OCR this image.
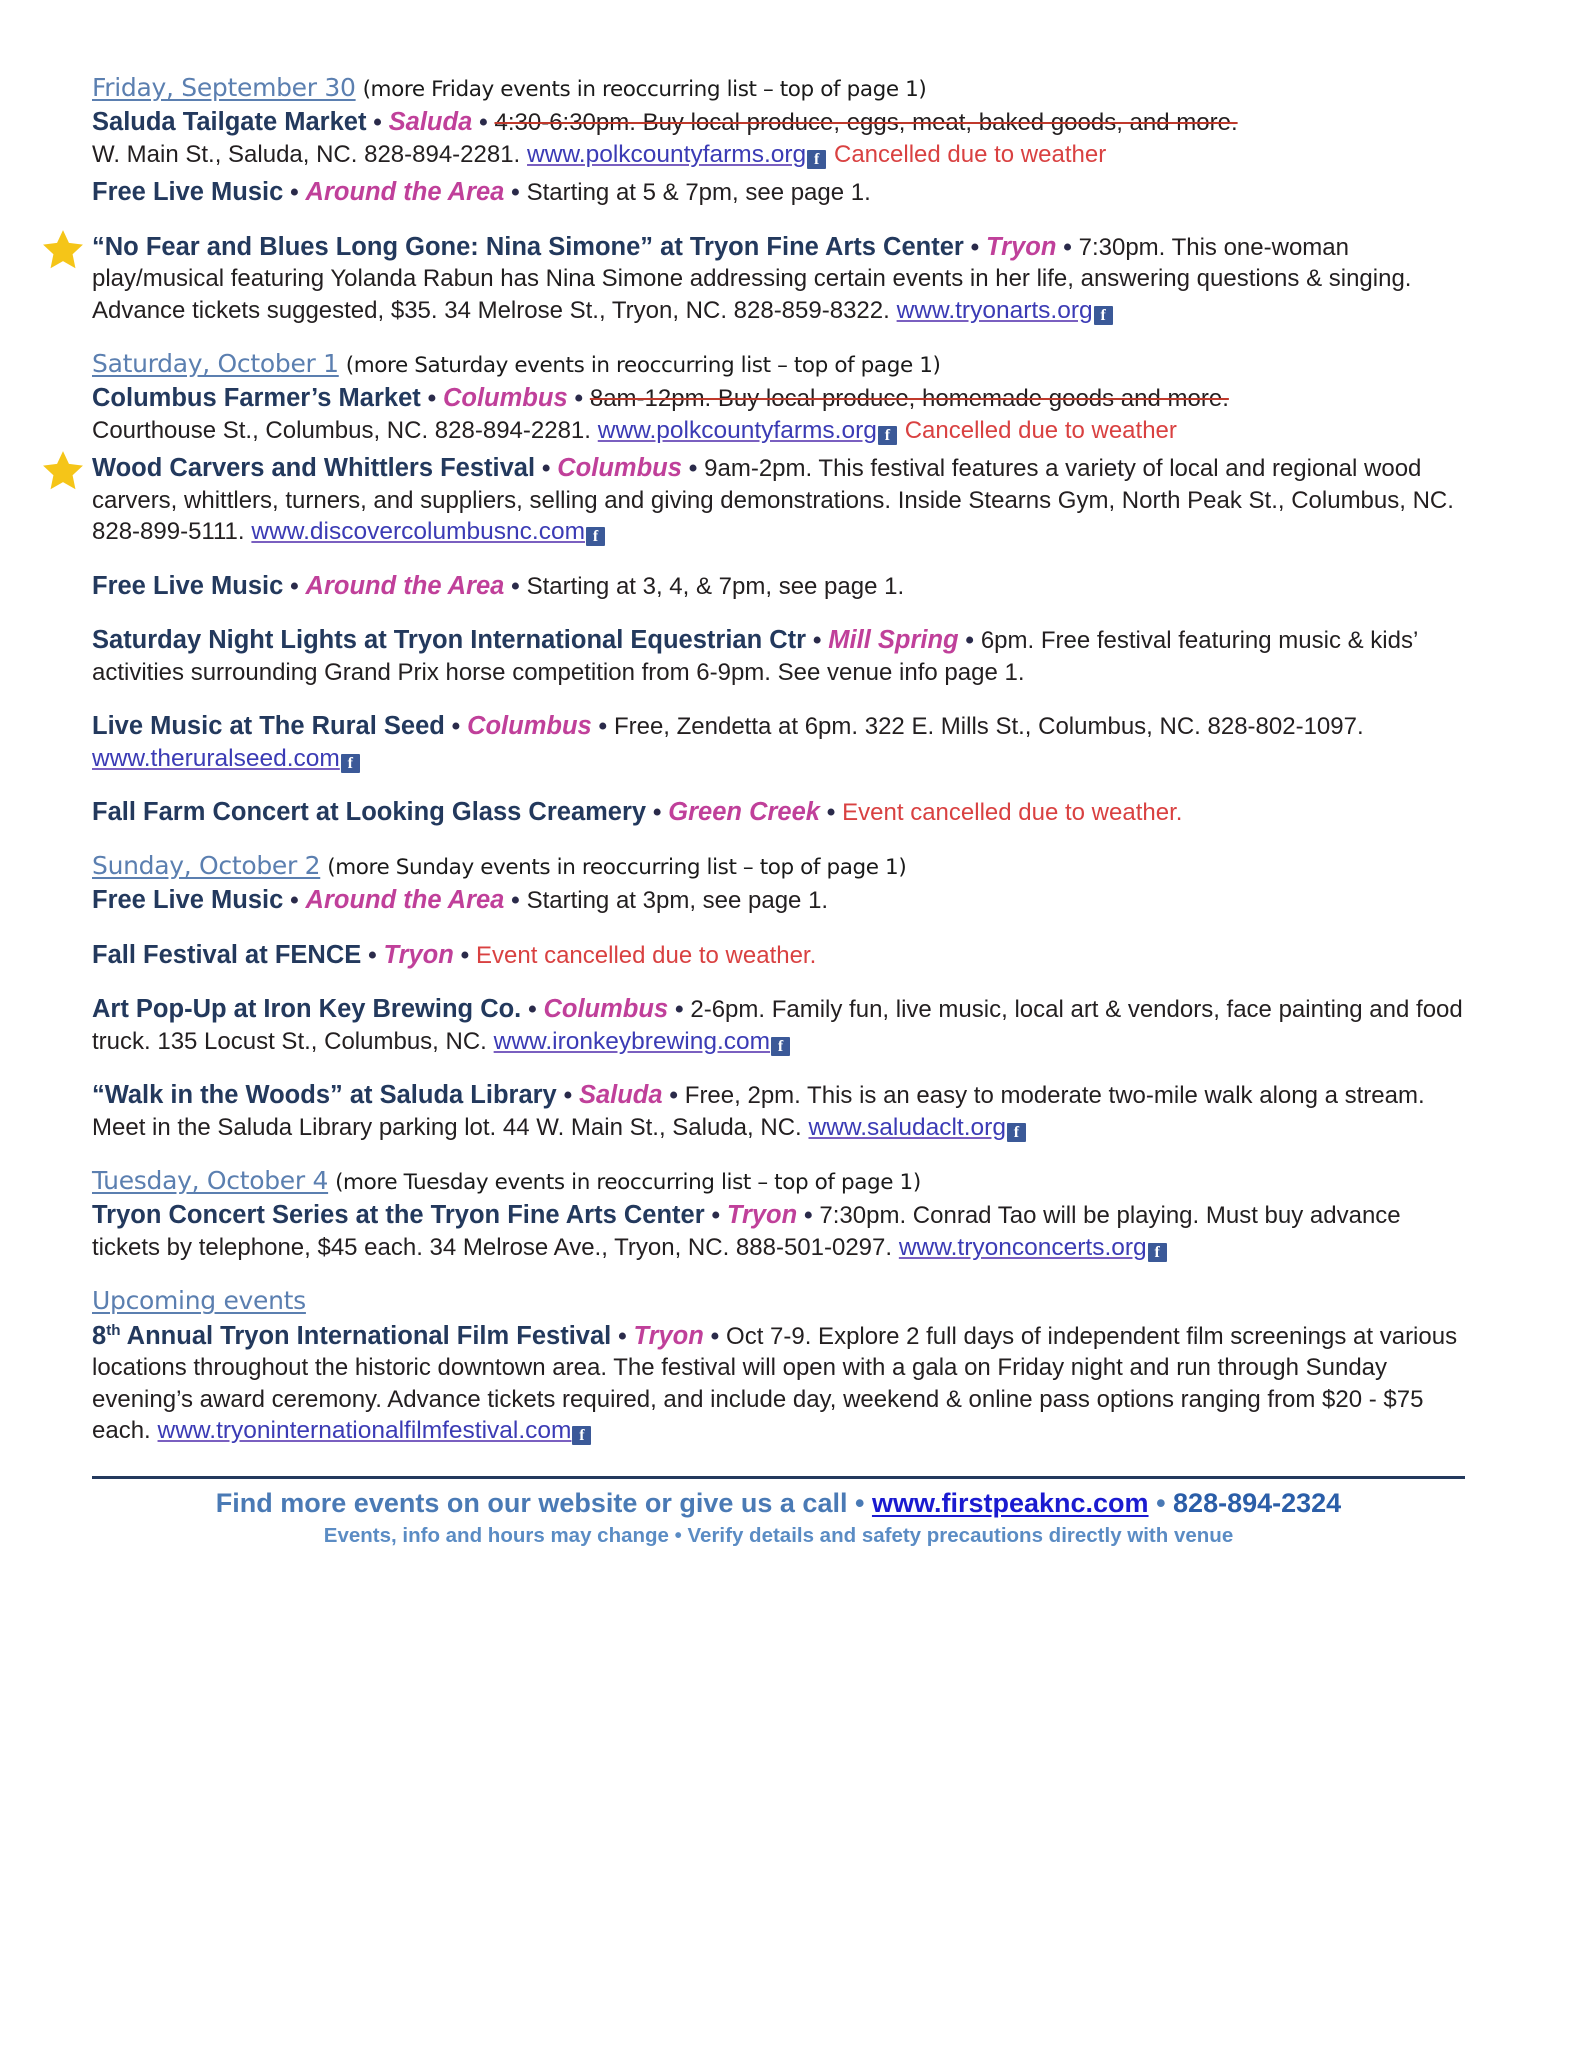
Friday, September 30 (more Friday events in reoccurring list – top of page 1)

Saluda Tailgate Market • Saluda • 4:30-6:30pm. Buy local produce, eggs, meat, baked goods, and more.
W. Main St., Saluda, NC. 828-894-2281. www.polkcountyfarms.org f Cancelled due to weather

Free Live Music • Around the Area • Starting at 5 & 7pm, see page 1.

“No Fear and Blues Long Gone: Nina Simone” at Tryon Fine Arts Center • Tryon • 7:30pm. This one-woman play/musical featuring Yolanda Rabun has Nina Simone addressing certain events in her life, answering questions & singing. Advance tickets suggested, $35. 34 Melrose St., Tryon, NC. 828-859-8322. www.tryonarts.org f

Saturday, October 1 (more Saturday events in reoccurring list – top of page 1)

Columbus Farmer’s Market • Columbus • 8am-12pm. Buy local produce, homemade goods and more.
Courthouse St., Columbus, NC. 828-894-2281. www.polkcountyfarms.org f Cancelled due to weather

Wood Carvers and Whittlers Festival • Columbus • 9am-2pm. This festival features a variety of local and regional wood carvers, whittlers, turners, and suppliers, selling and giving demonstrations. Inside Stearns Gym, North Peak St., Columbus, NC. 828-899-5111. www.discovercolumbusnc.com f

Free Live Music • Around the Area • Starting at 3, 4, & 7pm, see page 1.

Saturday Night Lights at Tryon International Equestrian Ctr • Mill Spring • 6pm. Free festival featuring music & kids’ activities surrounding Grand Prix horse competition from 6-9pm. See venue info page 1.

Live Music at The Rural Seed • Columbus • Free, Zendetta at 6pm. 322 E. Mills St., Columbus, NC. 828-802-1097. www.theruralseed.com f

Fall Farm Concert at Looking Glass Creamery • Green Creek • Event cancelled due to weather.

Sunday, October 2 (more Sunday events in reoccurring list – top of page 1)

Free Live Music • Around the Area • Starting at 3pm, see page 1.

Fall Festival at FENCE • Tryon • Event cancelled due to weather.

Art Pop-Up at Iron Key Brewing Co. • Columbus • 2-6pm. Family fun, live music, local art & vendors, face painting and food truck. 135 Locust St., Columbus, NC. www.ironkeybrewing.com f

“Walk in the Woods” at Saluda Library • Saluda • Free, 2pm. This is an easy to moderate two-mile walk along a stream. Meet in the Saluda Library parking lot. 44 W. Main St., Saluda, NC. www.saludaclt.org f

Tuesday, October 4 (more Tuesday events in reoccurring list – top of page 1)

Tryon Concert Series at the Tryon Fine Arts Center • Tryon • 7:30pm. Conrad Tao will be playing. Must buy advance tickets by telephone, $45 each. 34 Melrose Ave., Tryon, NC. 888-501-0297. www.tryonconcerts.org f

Upcoming events

8th Annual Tryon International Film Festival • Tryon • Oct 7-9. Explore 2 full days of independent film screenings at various locations throughout the historic downtown area. The festival will open with a gala on Friday night and run through Sunday evening’s award ceremony. Advance tickets required, and include day, weekend & online pass options ranging from $20 - $75 each. www.tryoninternationalfilmfestival.com f

Find more events on our website or give us a call • www.firstpeaknc.com • 828-894-2324

Events, info and hours may change • Verify details and safety precautions directly with venue
